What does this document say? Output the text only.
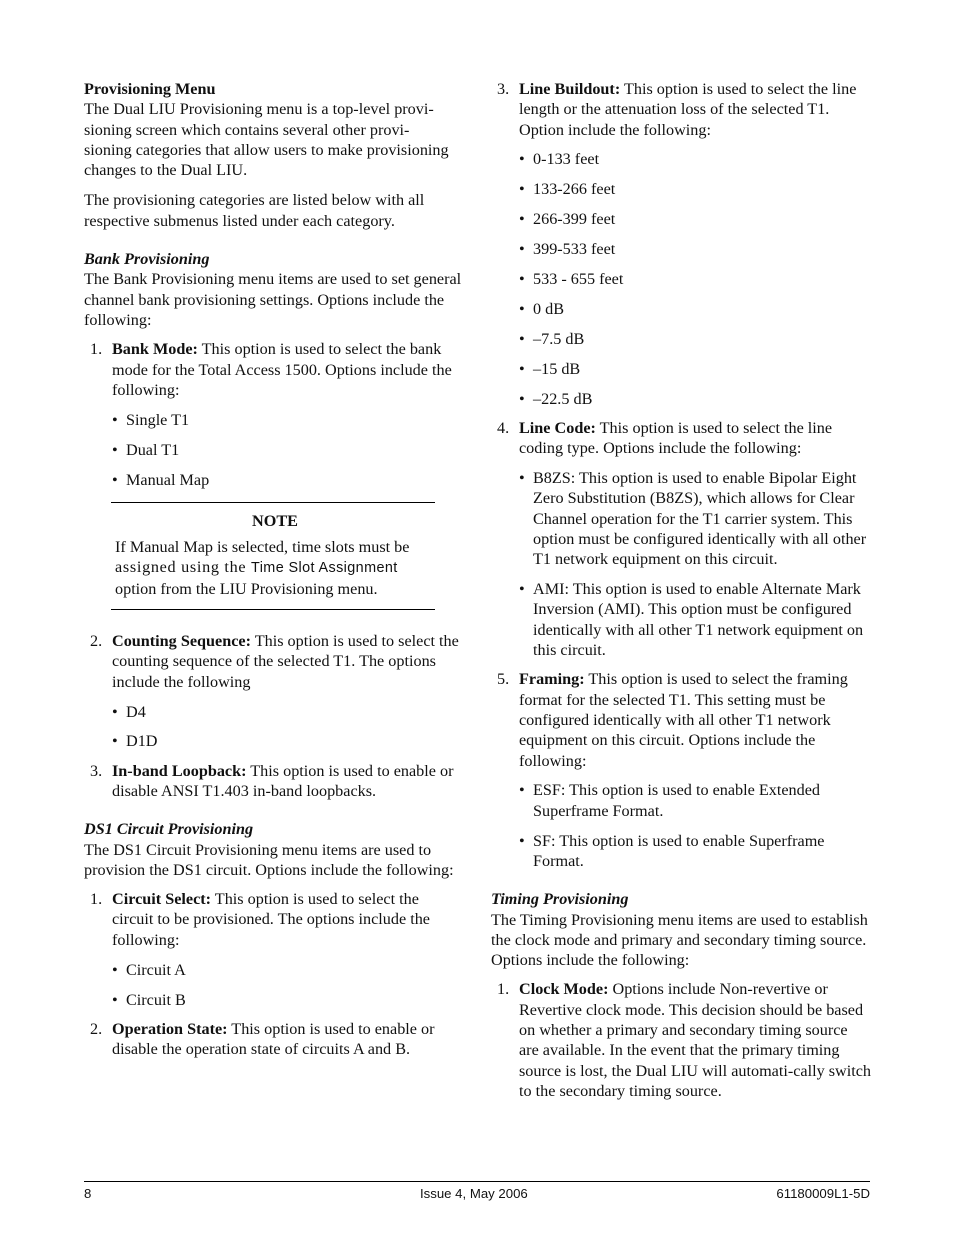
Provisioning Menu

The Dual LIU Provisioning menu is a top-level provi-
sioning screen which contains several other provi-
sioning categories that allow users to make provisioning
changes to the Dual LIU.

The provisioning categories are listed below with all respective submenus listed under each category.

Bank Provisioning

The Bank Provisioning menu items are used to set general channel bank provisioning settings. Options include the following:

1. Bank Mode: This option is used to select the bank mode for the Total Access 1500. Options include the following:
• Single T1
• Dual T1
• Manual Map
NOTE
If Manual Map is selected, time slots must be
assigned using the Time Slot Assignment
option from the LIU Provisioning menu.
2. Counting Sequence: This option is used to select the counting sequence of the selected T1. The options include the following
• D4
• D1D
3. In-band Loopback: This option is used to enable or disable ANSI T1.403 in-band loopbacks.

DS1 Circuit Provisioning

The DS1 Circuit Provisioning menu items are used to provision the DS1 circuit. Options include the following:

1. Circuit Select: This option is used to select the circuit to be provisioned. The options include the following:
• Circuit A
• Circuit B
2. Operation State: This option is used to enable or disable the operation state of circuits A and B.
3. Line Buildout: This option is used to select the line length or the attenuation loss of the selected T1. Option include the following:
• 0-133 feet
• 133-266 feet
• 266-399 feet
• 399-533 feet
• 533 - 655 feet
• 0 dB
• –7.5 dB
• –15 dB
• –22.5 dB
4. Line Code: This option is used to select the line coding type. Options include the following:
• B8ZS: This option is used to enable Bipolar Eight Zero Substitution (B8ZS), which allows for Clear Channel operation for the T1 carrier system. This option must be configured identically with all other T1 network equipment on this circuit.
• AMI: This option is used to enable Alternate Mark Inversion (AMI). This option must be configured identically with all other T1 network equipment on this circuit.
5. Framing: This option is used to select the framing format for the selected T1. This setting must be configured identically with all other T1 network equipment on this circuit. Options include the following:
• ESF: This option is used to enable Extended Superframe Format.
• SF: This option is used to enable Superframe Format.

Timing Provisioning

The Timing Provisioning menu items are used to establish the clock mode and primary and secondary timing source. Options include the following:

1. Clock Mode: Options include Non-revertive or Revertive clock mode. This decision should be based on whether a primary and secondary timing source are available. In the event that the primary timing source is lost, the Dual LIU will automati-cally switch to the secondary timing source.
8	Issue 4, May 2006	61180009L1-5D
